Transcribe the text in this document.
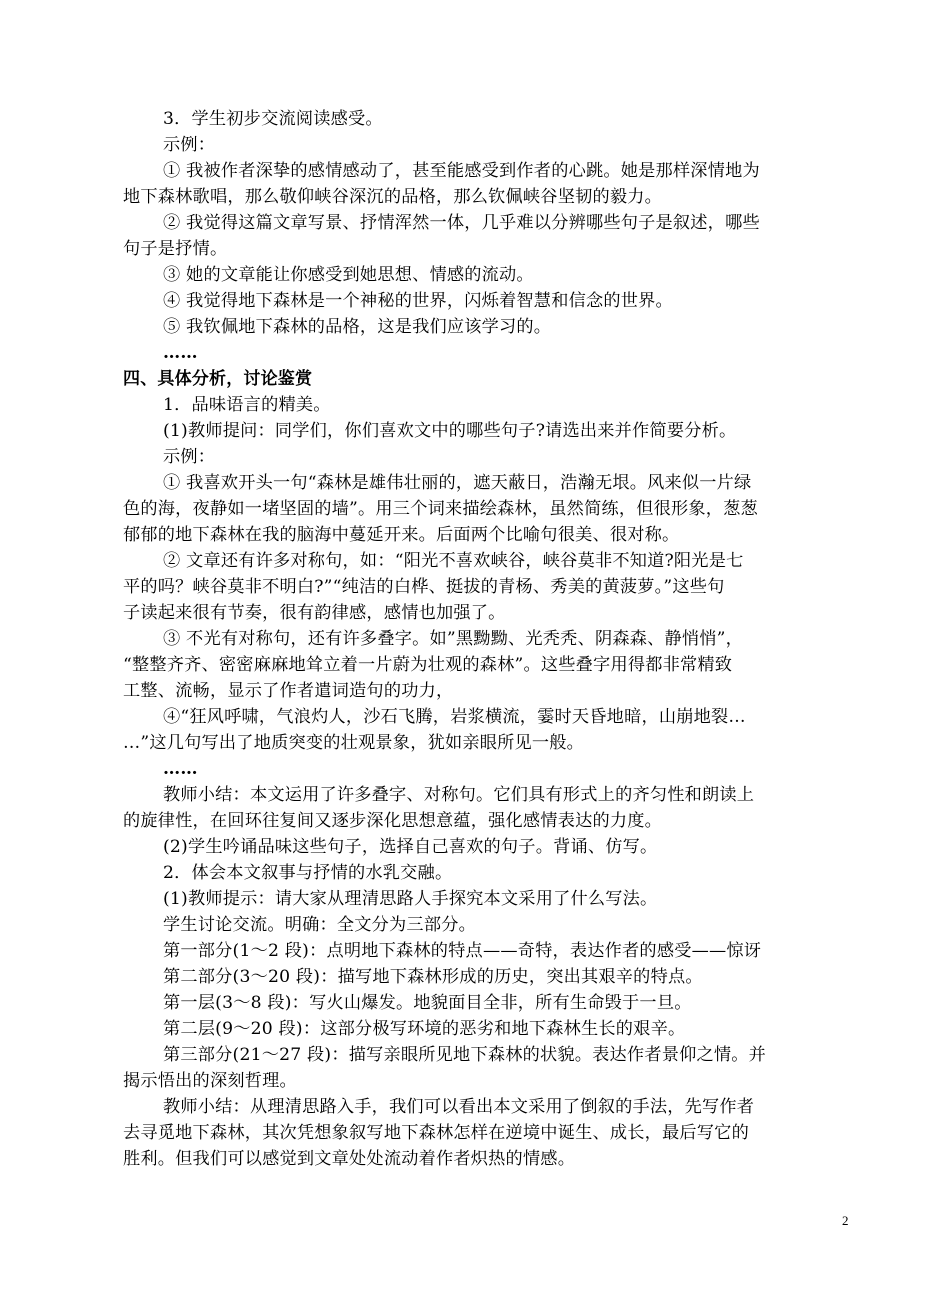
3．学生初步交流阅读感受。
示例：
① 我被作者深挚的感情感动了，甚至能感受到作者的心跳。她是那样深情地为
地下森林歌唱，那么敬仰峡谷深沉的品格，那么钦佩峡谷坚韧的毅力。
② 我觉得这篇文章写景、抒情浑然一体，几乎难以分辨哪些句子是叙述，哪些
句子是抒情。
③ 她的文章能让你感受到她思想、情感的流动。
④ 我觉得地下森林是一个神秘的世界，闪烁着智慧和信念的世界。
⑤ 我钦佩地下森林的品格，这是我们应该学习的。
……
四、具体分析，讨论鉴赏
1．品味语言的精美。
(1)教师提问：同学们，你们喜欢文中的哪些句子?请选出来并作简要分析。
示例：
① 我喜欢开头一句“森林是雄伟壮丽的，遮天蔽日，浩瀚无垠。风来似一片绿
色的海，夜静如一堵坚固的墙”。用三个词来描绘森林，虽然简练，但很形象，葱葱
郁郁的地下森林在我的脑海中蔓延开来。后面两个比喻句很美、很对称。
② 文章还有许多对称句，如：“阳光不喜欢峡谷，峡谷莫非不知道?阳光是七
平的吗？峡谷莫非不明白?”“纯洁的白桦、挺拔的青杨、秀美的黄菠萝。”这些句
子读起来很有节奏，很有韵律感，感情也加强了。
③ 不光有对称句，还有许多叠字。如”黑黝黝、光秃秃、阴森森、静悄悄”，
“整整齐齐、密密麻麻地耸立着一片蔚为壮观的森林”。这些叠字用得都非常精致
工整、流畅，显示了作者遣词造句的功力，
④“狂风呼啸，气浪灼人，沙石飞腾，岩浆横流，霎时天昏地暗，山崩地裂…
…”这几句写出了地质突变的壮观景象，犹如亲眼所见一般。
……
教师小结：本文运用了许多叠字、对称句。它们具有形式上的齐匀性和朗读上
的旋律性，在回环往复间又逐步深化思想意蕴，强化感情表达的力度。
(2)学生吟诵品味这些句子，选择自己喜欢的句子。背诵、仿写。
2．体会本文叙事与抒情的水乳交融。
(1)教师提示：请大家从理清思路人手探究本文采用了什么写法。
学生讨论交流。明确：全文分为三部分。
第一部分(1～2 段)：点明地下森林的特点——奇特，表达作者的感受——惊讶
第二部分(3～20 段)：描写地下森林形成的历史，突出其艰辛的特点。
第一层(3～8 段)：写火山爆发。地貌面目全非，所有生命毁于一旦。
第二层(9～20 段)：这部分极写环境的恶劣和地下森林生长的艰辛。
第三部分(21～27 段)：描写亲眼所见地下森林的状貌。表达作者景仰之情。并
揭示悟出的深刻哲理。
教师小结：从理清思路入手，我们可以看出本文采用了倒叙的手法，先写作者
去寻觅地下森林，其次凭想象叙写地下森林怎样在逆境中诞生、成长，最后写它的
胜利。但我们可以感觉到文章处处流动着作者炽热的情感。
2
